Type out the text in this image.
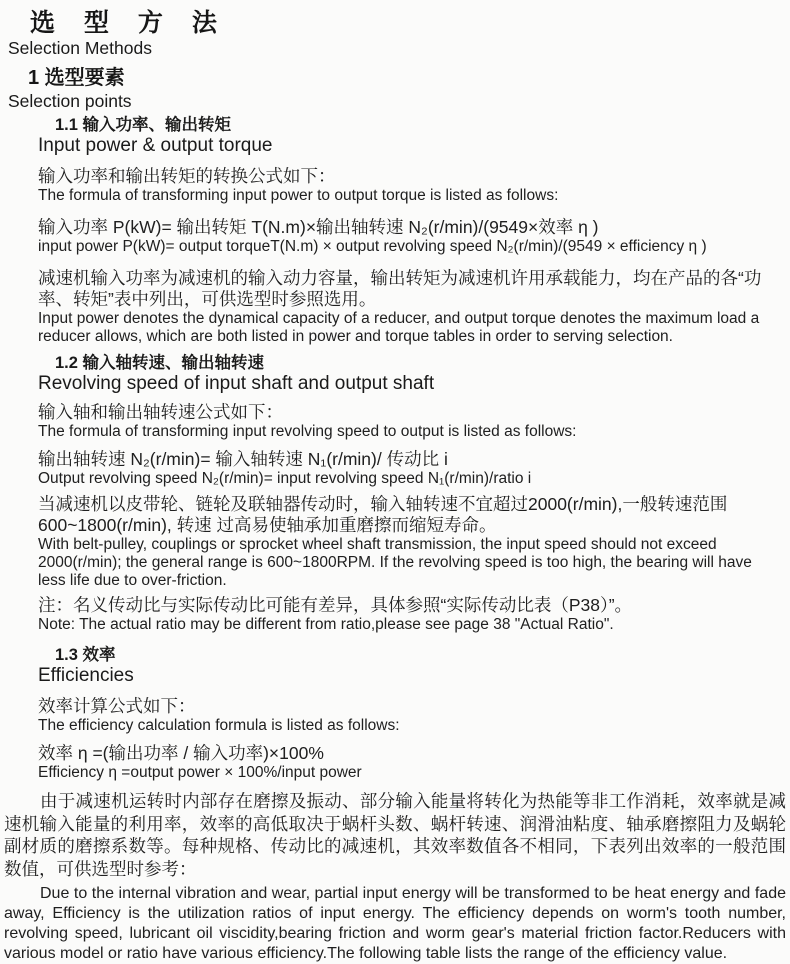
选 型 方 法
Selection Methods
1 选型要素
Selection points
1.1 输入功率、输出转矩
Input power & output torque

输入功率和输出转矩的转换公式如下：

The formula of transforming input power to output torque is listed as follows:

输入功率 P(kW)= 输出转矩 T(N.m)×输出轴转速 N₂(r/min)/(9549×效率 η )

input power P(kW)= output torqueT(N.m) × output revolving speed N₂(r/min)/(9549 × efficiency η )

减速机输入功率为减速机的输入动力容量，输出转矩为减速机许用承载能力，均在产品的各“功率、转矩”表中列出，可供选型时参照选用。

Input power denotes the dynamical capacity of a reducer, and output torque denotes the maximum load a reducer allows, which are both listed in power and torque tables in order to serving selection.

1.2 输入轴转速、输出轴转速
Revolving speed of input shaft and output shaft

输入轴和输出轴转速公式如下：

The formula of transforming input revolving speed to output is listed as follows:

输出轴转速 N₂(r/min)= 输入轴转速 N₁(r/min)/ 传动比 i

Output revolving speed N₂(r/min)= input revolving speed N₁(r/min)/ratio i

当减速机以皮带轮、链轮及联轴器传动时，输入轴转速不宜超过2000(r/min),一般转速范围600~1800(r/min), 转速 过高易使轴承加重磨擦而缩短寿命。

With belt-pulley, couplings or sprocket wheel shaft transmission, the input speed should not exceed 2000(r/min); the general range is 600~1800RPM. If the revolving speed is too high, the bearing will have less life due to over-friction.

注：名义传动比与实际传动比可能有差异，具体参照“实际传动比表（P38）”。

Note: The actual ratio may be different from ratio,please see page 38 "Actual Ratio".

1.3 效率
Efficiencies

效率计算公式如下：

The efficiency calculation formula is listed as follows:

效率 η =(输出功率 / 输入功率)×100%

Efficiency η =output power × 100%/input power

由于减速机运转时内部存在磨擦及振动、部分输入能量将转化为热能等非工作消耗，效率就是减速机输入能量的利用率，效率的高低取决于蜗杆头数、蜗杆转速、润滑油粘度、轴承磨擦阻力及蜗轮副材质的磨擦系数等。每种规格、传动比的减速机，其效率数值各不相同，下表列出效率的一般范围数值，可供选型时参考：

Due to the internal vibration and wear, partial input energy will be transformed to be heat energy and fade away, Efficiency is the utilization ratios of input energy. The efficiency depends on worm's tooth number, revolving speed, lubricant oil viscidity,bearing friction and worm gear's material friction factor.Reducers with various model or ratio have various efficiency.The following table lists the range of the efficiency value.
